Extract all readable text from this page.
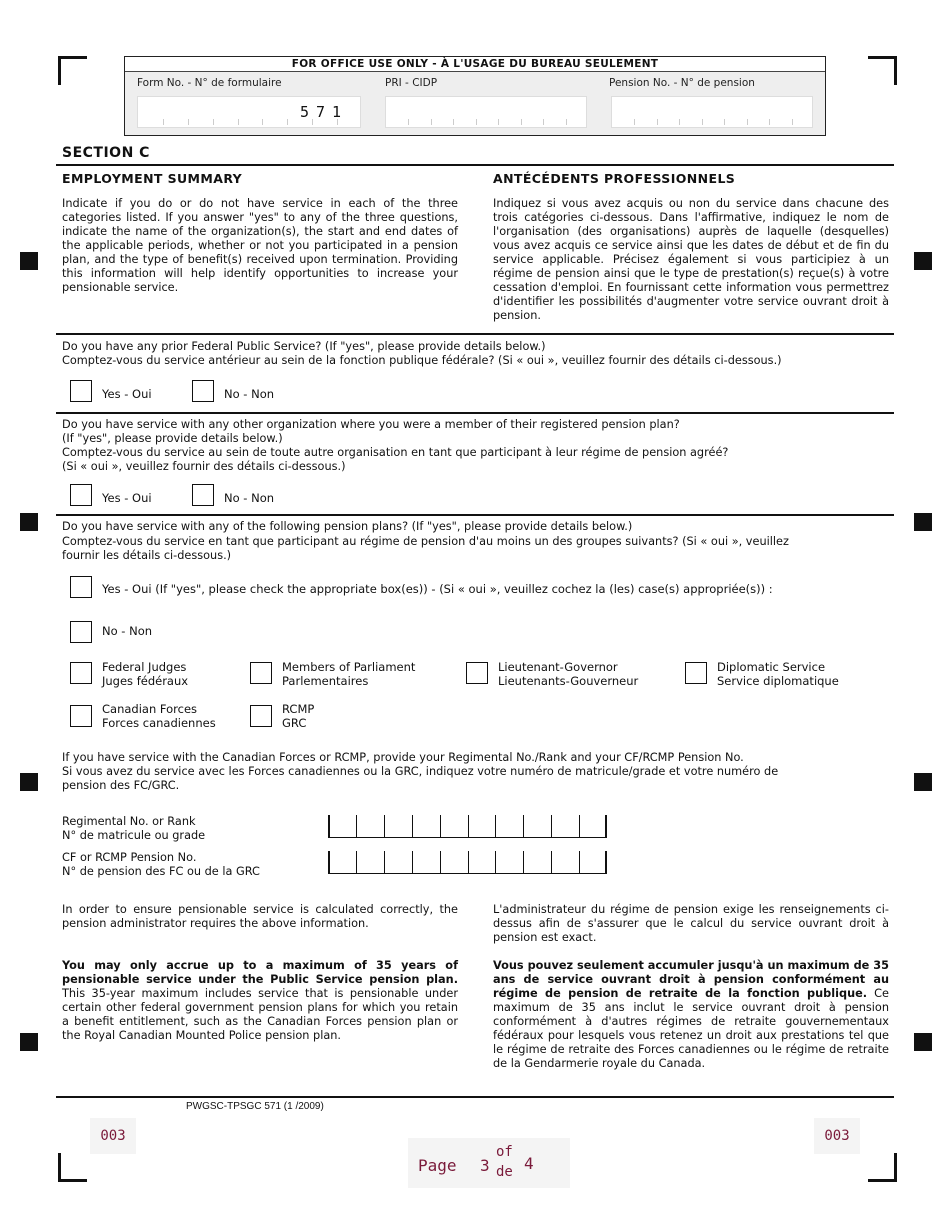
FOR OFFICE USE ONLY - À L'USAGE DU BUREAU SEULEMENT
Form No. - N° de formulaire	PRI - CIDP	Pension No. - N° de pension
571
SECTION C
EMPLOYMENT SUMMARY	ANTÉCÉDENTS PROFESSIONNELS
Indicate if you do or do not have service in each of the three categories listed. If you answer "yes" to any of the three questions, indicate the name of the organization(s), the start and end dates of the applicable periods, whether or not you participated in a pension plan, and the type of benefit(s) received upon termination. Providing this information will help identify opportunities to increase your pensionable service.
Indiquez si vous avez acquis ou non du service dans chacune des trois catégories ci-dessous. Dans l'affirmative, indiquez le nom de l'organisation (des organisations) auprès de laquelle (desquelles) vous avez acquis ce service ainsi que les dates de début et de fin du service applicable. Précisez également si vous participiez à un régime de pension ainsi que le type de prestation(s) reçue(s) à votre cessation d'emploi. En fournissant cette information vous permettrez d'identifier les possibilités d'augmenter votre service ouvrant droit à pension.
Do you have any prior Federal Public Service? (If "yes", please provide details below.)
Comptez-vous du service antérieur au sein de la fonction publique fédérale? (Si « oui », veuillez fournir des détails ci-dessous.)
Yes - Oui	No - Non
Do you have service with any other organization where you were a member of their registered pension plan?
(If "yes", please provide details below.)
Comptez-vous du service au sein de toute autre organisation en tant que participant à leur régime de pension agréé?
(Si « oui », veuillez fournir des détails ci-dessous.)
Yes - Oui	No - Non
Do you have service with any of the following pension plans? (If "yes", please provide details below.)
Comptez-vous du service en tant que participant au régime de pension d'au moins un des groupes suivants? (Si « oui », veuillez
fournir les détails ci-dessous.)
Yes - Oui (If "yes", please check the appropriate box(es)) - (Si « oui », veuillez cochez la (les) case(s) appropriée(s)) :
No - Non
Federal Judges
Juges fédéraux
Members of Parliament
Parlementaires
Lieutenant-Governor
Lieutenants-Gouverneur
Diplomatic Service
Service diplomatique
Canadian Forces
Forces canadiennes
RCMP
GRC
If you have service with the Canadian Forces or RCMP, provide your Regimental No./Rank and your CF/RCMP Pension No.
Si vous avez du service avec les Forces canadiennes ou la GRC, indiquez votre numéro de matricule/grade et votre numéro de
pension des FC/GRC.
Regimental No. or Rank
N° de matricule ou grade
CF or RCMP Pension No.
N° de pension des FC ou de la GRC
In order to ensure pensionable service is calculated correctly, the pension administrator requires the above information.
L'administrateur du régime de pension exige les renseignements ci-dessus afin de s'assurer que le calcul du service ouvrant droit à pension est exact.
You may only accrue up to a maximum of 35 years of pensionable service under the Public Service pension plan. This 35-year maximum includes service that is pensionable under certain other federal government pension plans for which you retain a benefit entitlement, such as the Canadian Forces pension plan or the Royal Canadian Mounted Police pension plan.
Vous pouvez seulement accumuler jusqu'à un maximum de 35 ans de service ouvrant droit à pension conformément au régime de pension de retraite de la fonction publique. Ce maximum de 35 ans inclut le service ouvrant droit à pension conformément à d'autres régimes de retraite gouvernementaux fédéraux pour lesquels vous retenez un droit aux prestations tel que le régime de retraite des Forces canadiennes ou le régime de retraite de la Gendarmerie royale du Canada.
PWGSC-TPSGC 571 (1 /2009)
003	003
Page 3
of
de 4
